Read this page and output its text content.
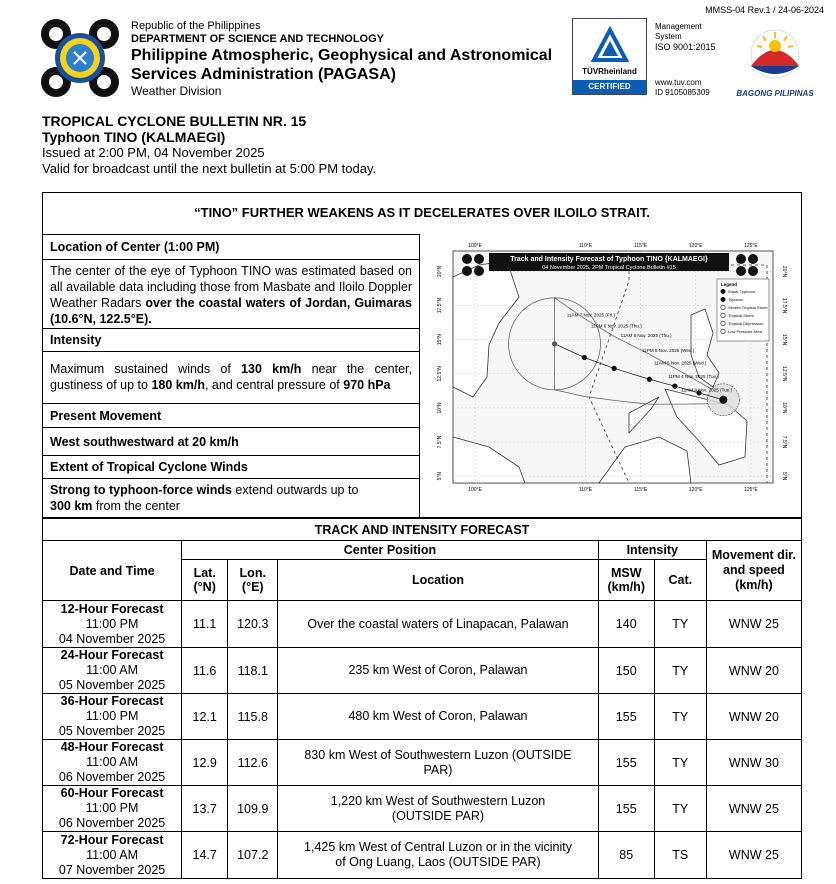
MMSS-04 Rev.1 / 24-06-2024
Republic of the Philippines
DEPARTMENT OF SCIENCE AND TECHNOLOGY
Philippine Atmospheric, Geophysical and Astronomical
Services Administration (PAGASA)
Weather Division
TÜVRheinland
CERTIFIED
Management
System
ISO 9001:2015
www.tuv.com
ID 9105085309	BAGONG PILIPINAS
TROPICAL CYCLONE BULLETIN NR. 15
Typhoon TINO (KALMAEGI)
Issued at 2:00 PM, 04 November 2025
Valid for broadcast until the next bulletin at 5:00 PM today.
“TINO” FURTHER WEAKENS AS IT DECELERATES OVER ILOILO STRAIT.
Location of Center (1:00 PM)
The center of the eye of Typhoon TINO was estimated based on all available data including those from Masbate and Iloilo Doppler Weather Radars over the coastal waters of Jordan, Guimaras (10.6°N, 122.5°E).
Intensity
Maximum sustained winds of 130 km/h near the center, gustiness of up to 180 km/h, and central pressure of 970 hPa
Present Movement
West southwestward at 20 km/h
Extent of Tropical Cyclone Winds
Strong to typhoon-force winds extend outwards up to
300 km from the center
100°E
100°E
110°E
110°E
115°E
115°E
120°E
120°E
125°E
125°E
20°N	20°N
17.5°N	17.5°N
15°N	15°N
12.5°N	12.5°N
10°N	10°N
7.5°N	7.5°N
5°N	5°N
11AM 7 Nov. 2025 (Fri.)
11PM 6 Nov. 2025 (Thu.)
11AM 6 Nov. 2025 (Thu.)
11PM 5 Nov. 2025 (Wed.)
11AM 5 Nov. 2025 (Wed.)
11PM 4 Nov. 2025 (Tue.)
11AM 4 Nov. 2025 (Tue.)
Track and Intensity Forecast of Typhoon TINO {KALMAEGI}
04 November 2025, 2PM Tropical Cyclone Bulletin #15
Legend
Super Typhoon
Typhoon
Severe Tropical Storm
Tropical Storm
Tropical Depression
Low Pressure Area
TRACK AND INTENSITY FORECAST						
Date and Time	Center Position			Intensity		Movement dir. and speed (km/h)
	Lat. (°N)	Lon. (°E)	Location	MSW (km/h)	Cat.	

12-Hour Forecast
11:00 PM
04 November 2025	11.1	120.3	Over the coastal waters of Linapacan, Palawan	140	TY	WNW 25

24-Hour Forecast
11:00 AM
05 November 2025	11.6	118.1	235 km West of Coron, Palawan	150	TY	WNW 20

36-Hour Forecast
11:00 PM
05 November 2025	12.1	115.8	480 km West of Coron, Palawan	155	TY	WNW 20

48-Hour Forecast
11:00 AM
06 November 2025	12.9	112.6	830 km West of Southwestern Luzon (OUTSIDE PAR)	155	TY	WNW 30

60-Hour Forecast
11:00 PM
06 November 2025	13.7	109.9	1,220 km West of Southwestern Luzon (OUTSIDE PAR)	155	TY	WNW 25

72-Hour Forecast
11:00 AM
07 November 2025	14.7	107.2	1,425 km West of Central Luzon or in the vicinity of Ong Luang, Laos (OUTSIDE PAR)	85	TS	WNW 25
